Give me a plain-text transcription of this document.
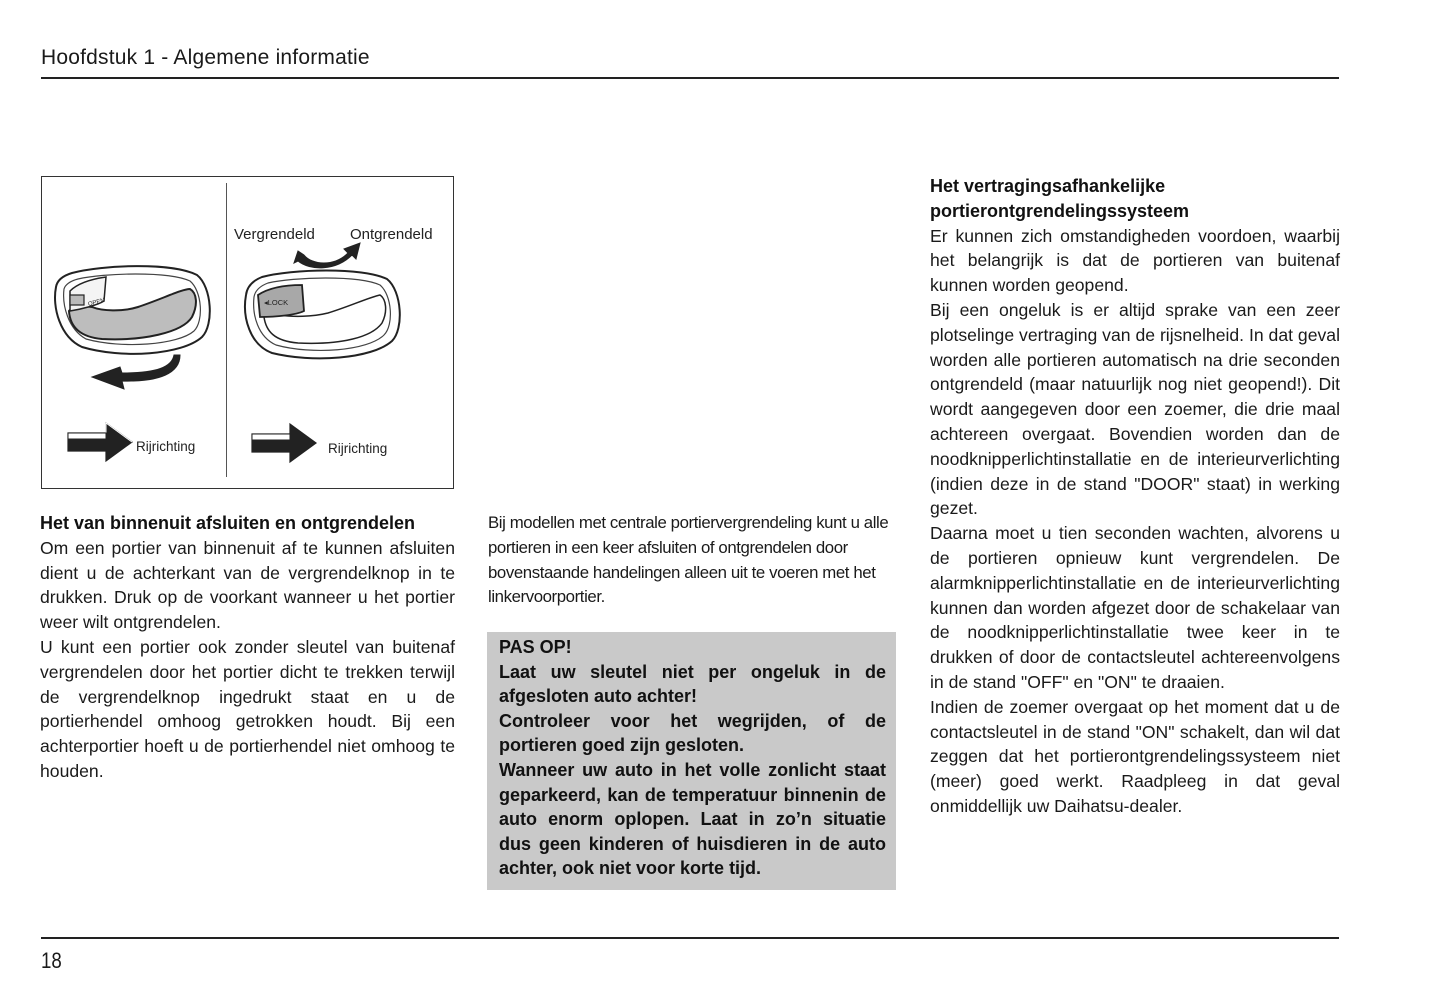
Hoofdstuk 1 - Algemene informatie
OPEN
Rijrichting
Vergrendeld Ontgrendeld
◂LOCK
Rijrichting
Het van binnenuit afsluiten en ontgrendelen

Om een portier van binnenuit af te kunnen afsluiten dient u de achterkant van de vergrendelknop in te drukken. Druk op de voorkant wanneer u het portier weer wilt ontgrendelen.

U kunt een portier ook zonder sleutel van buitenaf vergrendelen door het portier dicht te trekken terwijl de vergrendelknop ingedrukt staat en u de portierhendel omhoog getrokken houdt. Bij een achterportier hoeft u de portierhendel niet omhoog te houden.

Bij modellen met centrale portiervergrendeling kunt u alle portieren in een keer afsluiten of ontgrendelen door bovenstaande handelingen alleen uit te voeren met het linkervoorportier.

PAS OP!

Laat uw sleutel niet per ongeluk in de afgesloten auto achter!

Controleer voor het wegrijden, of de portieren goed zijn gesloten.

Wanneer uw auto in het volle zonlicht staat geparkeerd, kan de temperatuur binnenin de auto enorm oplopen. Laat in zo’n situatie dus geen kinderen of huisdieren in de auto achter, ook niet voor korte tijd.

Het vertragingsafhankelijke portierontgrendelingssysteem

Er kunnen zich omstandigheden voordoen, waarbij het belangrijk is dat de portieren van buitenaf kunnen worden geopend.

Bij een ongeluk is er altijd sprake van een zeer plotselinge vertraging van de rijsnelheid. In dat geval worden alle portieren automatisch na drie seconden ontgrendeld (maar natuurlijk nog niet geopend!). Dit wordt aangegeven door een zoemer, die drie maal achtereen overgaat. Bovendien worden dan de noodknipperlichtinstallatie en de interieurverlichting (indien deze in de stand "DOOR" staat) in werking gezet.

Daarna moet u tien seconden wachten, alvorens u de portieren opnieuw kunt vergrendelen. De alarmknipperlichtinstallatie en de interieurverlichting kunnen dan worden afgezet door de schakelaar van de noodknipperlichtinstallatie twee keer in te drukken of door de contactsleutel achtereenvolgens in de stand "OFF" en "ON" te draaien.

Indien de zoemer overgaat op het moment dat u de contactsleutel in de stand "ON" schakelt, dan wil dat zeggen dat het portierontgrendelingssysteem niet (meer) goed werkt. Raadpleeg in dat geval onmiddellijk uw Daihatsu-dealer.

18
